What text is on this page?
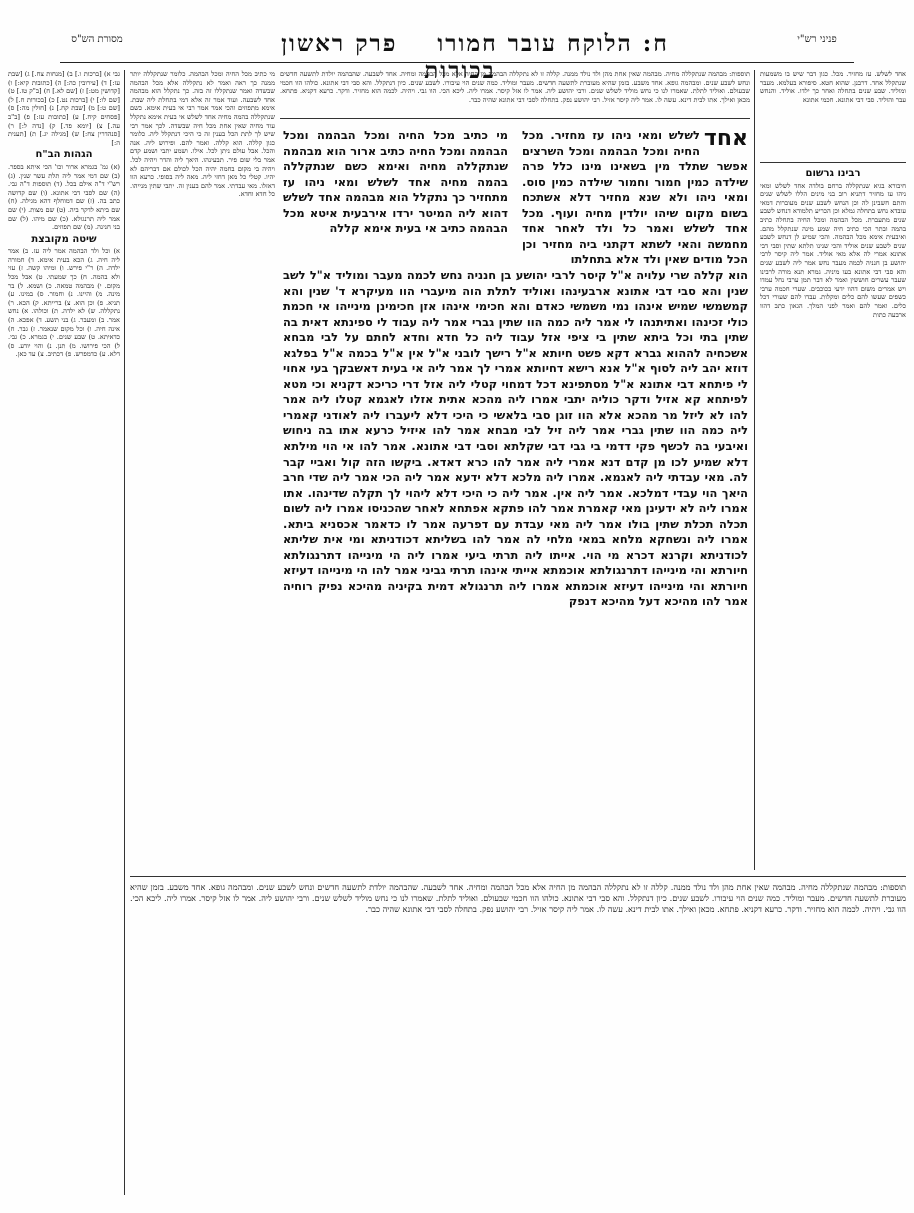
מסורת הש"ס	ח: הלוקח עובר חמורו    פרק ראשון    בכורות
פניני רש"י
גבי א) [ברכות ו.] ב) [מנחות צח.] ג) [שבת עז:] ד) [עירובין כה:] ה) [כתובות קיא:] ו) [קדושין מט:] ז) [שם לא.] ח) [ב"ק טז.] ט) [שם לו:] י) [ברכות נט.] כ) [בכורות ח.] ל) [שם ט:] מ) [שבת קח.] נ) [חולין מה:] ס) [פסחים קיח.] ע) [כתובות עז:] פ) [ב"ב עה.] צ) [יומא פד.] ק) [נדה ל:] ר) [סנהדרין צח:] ש) [מגילה יג.] ת) [תענית ה:]
הגהות הב"ח
(א) גמ' בגמרא ארור וכו' הכי איתא בספר. (ב) שם דמי אמר ליה תלת עשר שנין. (ג) רש"י ד"ה אילם בכל. (ד) תוספות ד"ה גבי. (ה) שם לסבי דבי אתונא. (ו) שם קדושה כתב בה. (ז) שם דמוחלף דהא מגילה. (ח) שם ביתא לדקר ביה. (ט) שם מצות. (י) שם אמר ליה תרנגולא. (כ) שם מיהו. (ל) שם בני חנינה. (מ) שם תפוזים.
שיטה מקובצת
א) וכל ולד הבהמה אמר ליה עז. ב) אמר ליה חיה. ג) הכא בעית אימא. ד) חמורה ילדה. ה) ר"י פירש. ו) ומיהו קשה. ז) עזי ולא בהמה. ח) כך שמעתי. ט) אבל מכל מקום. י) מבהמה טמאה. כ) ושמא. ל) בר מינה. מ) והיינו. נ) וחמור. ס) במינו. ע) תניא. פ) וכן הוא. צ) ברייתא. ק) הכא. ר) נתקללה. ש) לא ילדה. ת) וכולהו. א) נחש אמר. ב) ומעבר. ג) בני תשע. ד) אפכא. ה) אינה חיה. ו) וכל מקום שנאמר. ז) גבר. ח) כדאיתא. ט) שבע שנים. י) בגמרא. כ) גבי. ל) הכי פירושו. מ) תנן. נ) והוי יודע. ס) דלא. ע) כדמפרש. פ) דכתיב. צ) עד כאן.
מי כתיב מכל החיה ומכל הבהמה. כלומר שנתקללה יותר ממנה כך ראה ואמר לא נתקללה אלא מכל הבהמה שבשדה ואמר שנתקללו זה בזה. כך נתקלל הוא מבהמה אחד לשבעה. ועוד אמר זה אלא דמי בתחלת ליה שבת. אימא מתפוזים והכי אמר אמר רבי אי בעית אימא. כשם שנתקללה בהמה מחיה אחד לשלש אי בעית אימא נתקלל עוד מחיה שאין אחת מכל חיה שבשדה. לכך אמר רבי שיש לך לתת הכל בענין זה כי היכי דנתקלל ליה. כלומר כגון קללה. הוא קללה. ואמר להם. ופירוש ליה. אנה והכל. אבל עולם ניתן לכל. אילו. ושמע יתבי ושמע קדם אמר בלי שום פיר. תבעינהו. היאך ליה והדר ויהיה לכל. ויהיה בי מקום בחמה יהיה הכל לכולם אם דבריהם לא יהיו. קטלי כל מאן דחזי ליה. מאה ליה בסופי. כרעא הוו דאזלו. מאי עבדתי. אמר להם בענין זה. יתבי שתין מנייהו. כל חדא וחדא.
תוספות: מבהמה שנתקללה מחיה. מבהמה שאין אחת מהן ולד נולד ממנה. קללה זו לא נתקללה הבהמה מן החיה אלא מכל הבהמה ומחיה. אחד לשבעה. שהבהמה יולדת לתשעה חדשים ונחש לשבע שנים. ומבהמה גופא. אחד משבע. בזמן שהיא מעוברת לתשעה חדשים. מעבר ומוליד. כמה שנים הוי עיבורו. לשבע שנים. כיון דנתקלל. והא סבי דבי אתונא. כולהו הוו חכמי שבעולם. ואוליד לתלת. שאמרו לנו כי נחש מוליד לשלש שנים. ורבי יהושע ליה. אמר לו אזל קיסר. אמרו ליה. ליכא הכי. הוו גבי. ויהיה. לכמה הוא מחזיר. ודקר. כרעא דקניא. פתחא. מכאן ואילך. אתו לבית דינא. עשה לו. אמר ליה קיסר אזיל. רבי יהושע נפק. בתחלה לסבי דבי אתונא שהיה כבר.
מי כתיב מכל החיה ומכל הבהמה ומכל הבהמה ומכל החיה כתיב ארור הוא מבהמה שנתקללה מחיה ואימא כשם שנתקללה בהמה מחיה אחד לשלש ומאי ניהו עז מתחזיר כך נתקלל הוא מבהמה אחד לשלש דהוא ליה המיטר ירדו אירבעית איטא מכל הבהמה כתיב אי בעית אימא קללה
אחד
לשלש ומאי ניהו עז מחזיר. מכל החיה ומכל הבהמה ומכל השרצים אפשר שתלד מין בשאינו מינו כלל פרה שילדה כמין חמור וחמור שילדה כמין סוס. ומאי ניהו ולא שנא מחזיר דלא אשתכח בשום מקום שיהו יולדין מחיה ועוף. מכל אחד לשלש ואמר כל ולד לאחר אחד מחמשה והאי לשתא דקתני ביה מחזיר וכן הכל מודים שאין ולד אלא בתחלתו
הוא קללה שרי עלויה א"ל קיסר לרבי יהושע בן חנניה נחש לכמה מעבר ומוליד א"ל לשב שנין והא סבי דבי אתונא ארבעינהו ואוליד לתלת הוה מיעברי הוו מעיקרא ד' שנין והא קמשמשי שמיש אינהו נמי משמשי כאדם והא חכימי אינהו אזן חכימינן מינייהו אי חכמת כולי זכינהו ואתיתנהו לי אמר ליה כמה הוו שתין גברי אמר ליה עבוד לי ספינתא דאית בה שתין בתי וכל ביתא שתין בי ציפי אזל עבוד ליה כל חדא וחדא לחתם על לבי מבחא אשכחיה לההוא גברא דקא פשט חיותא א"ל רישך לובני א"ל אין א"ל בכמה א"ל בפלגא דוזא יהב ליה לסוף א"ל אנא רישא דחיותא אמרי לך אמר ליה אי בעית דאשבקך בעי אחוי לי פיתחא דבי אתונא א"ל מסתפינא דכל דמחוי קטלי ליה אזל דרי כריכא דקניא וכי מטא לפיתחא קא אזיל ודקר כוליה יתבי אמרו ליה מהכא אתית אזלו לאגמא קטלו ליה אמר להו לא ליזל מר מהכא אלא הוו זוגן סבי בלאשי כי היכי דלא ליעברו ליה לאודני קאמרי ליה כמה הוו שתין גברי אמר ליה זיל לבי מבחא אמר להו איזיל כרעא אתו בה ניחוש ואיבעי בה לכשף פקי דדמי בי גבי דבי שקלתא וסבי דבי אתונא. אמר להו אי הוי מילתא דלא שמיע לכו מן קדם דנא אמרי ליה אמר להו כרא דאדא. ביקשו הזה קול ואביי קבר לה. מאי עבדתי ליה לאגמא. אמרו ליה מלכא דלא ידעא אמר ליה הכי אמר ליה שדי חרב היאך הוי עבדי דמלכא. אמר ליה אין. אמר ליה כי היכי דלא ליהוי לך תקלה שדינהו. אתו אמרו ליה לא ידעינן מאי קאמרת אמר להו פתקא אפתחא לאחר שהכניסו אמרו ליה לשום תכלה תכלת שתין בולו אמר ליה מאי עבדת עם דפרעה אמר לו כדאמר אכסניא ביתא. אמרו ליה ונשחקא מלחא במאי מלחי לה אמר להו בשליתא דכודניתא ומי אית שליתא לכודניתא וקרנא דכרא מי הוי. אייתו ליה תרתי ביעי אמרו ליה הי מינייהו דתרנגולתא חיורתא והי מינייהו דתרנגולתא אוכמתא אייתי אינהו תרתי גביני אמר להו הי מינייהו דעיזא חיורתא והי מינייהו דעיזא אוכמתא אמרו ליה תרנגולא דמית בקיניה מהיכא נפיק רוחיה אמר להו מהיכא דעל מהיכא דנפק
אחד לשלש. עז מחזיר. מכל. כגון דבר שיש בו משמעות שנתקלל אחד. דרבנן. שהוא חטא. סיפורא בעלמא. מעבר ומוליד. שבע שנים בתחלה ואחר כך ילדו. אוליד. והנחש עבר והוליד. סבי דבי אתונא. חכמי אתונא
רבינו גרשום
חיבורא בגיא שנתקללה ברחם בולדה אחד לשלש ומאי ניהו עז מחזיר דתניא רוב בני מינים הללו לשלש שנים והתם חשבינן לה וכן הנחש לשבע שנים מעוברות דמאי עובדא נחש בתחלה גמלא וכן הכריע תלמודא דנחש לשבע שנים מתעברת. מכל הבהמה ומכל החיה בתחלה כתיב בהמה ובתר הכי כתיב חיה שמע מינה שנתקלל מהם. ואיבעית אימא מכל הבהמה. והכי שמיע לן דנחש לשבע שנים לשבע שנים אוליד והכי שנינו תלתא שתין וסבי דבי אתונא אמרי לה אלא מאי אוליד. אמר ליה קיסר לרבי יהושע בן חנניה לכמה מעבר נחש אמר ליה לשבע שנים והא סבי דבי אתונא בעו מיניה. גמרא תנא מורה לרבינו שעבר עשרים חוששין ואמר לא דבר תמן ערבי נחל עמדו ויש אמרים משום דהוו ידעי בכוכבים. שערי חכמה ערבי כשפים שעשו להם כלים ומקלות. עבדו להם שעורי דכל כלים. ואמר להם ואמר לפני המלך. הגאון כתב דהוו ארבעה כתות
תוספות: מבהמה שנתקללה מחיה. מבהמה שאין אחת מהן ולד נולד ממנה. קללה זו לא נתקללה הבהמה מן החיה אלא מכל הבהמה ומחיה. אחד לשבעה. שהבהמה יולדת לתשעה חדשים ונחש לשבע שנים. ומבהמה גופא. אחד משבע. בזמן שהיא מעוברת לתשעה חדשים. מעבר ומוליד. כמה שנים הוי עיבורו. לשבע שנים. כיון דנתקלל. והא סבי דבי אתונא. כולהו הוו חכמי שבעולם. ואוליד לתלת. שאמרו לנו כי נחש מוליד לשלש שנים. ורבי יהושע ליה. אמר לו אזל קיסר. אמרו ליה. ליכא הכי. הוו גבי. ויהיה. לכמה הוא מחזיר. ודקר. כרעא דקניא. פתחא. מכאן ואילך. אתו לבית דינא. עשה לו. אמר ליה קיסר אזיל. רבי יהושע נפק. בתחלה לסבי דבי אתונא שהיה כבר.
